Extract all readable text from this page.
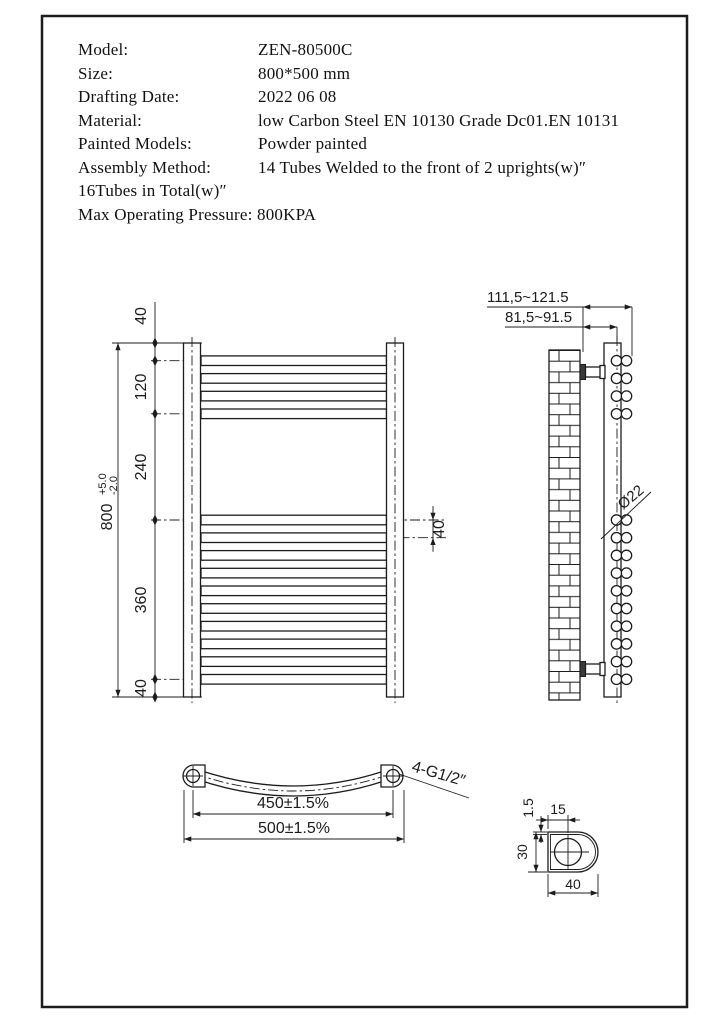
Model:	ZEN-80500C
Size:	800*500 mm
Drafting Date:	2022 06 08
Material:	low Carbon Steel EN 10130 Grade Dc01.EN 10131
Painted Models:	Powder painted
Assembly Method:	14 Tubes Welded to the front of 2 uprights(w)″
16Tubes in Total(w)″
Max Operating Pressure: 800KPA
800
+5.0 -2.0
40
120
240
360
40
40
111,5~121.5
81,5~91.5
Ø22
450±1.5%
500±1.5%
4-G1/2″
15
1.5
30
40
